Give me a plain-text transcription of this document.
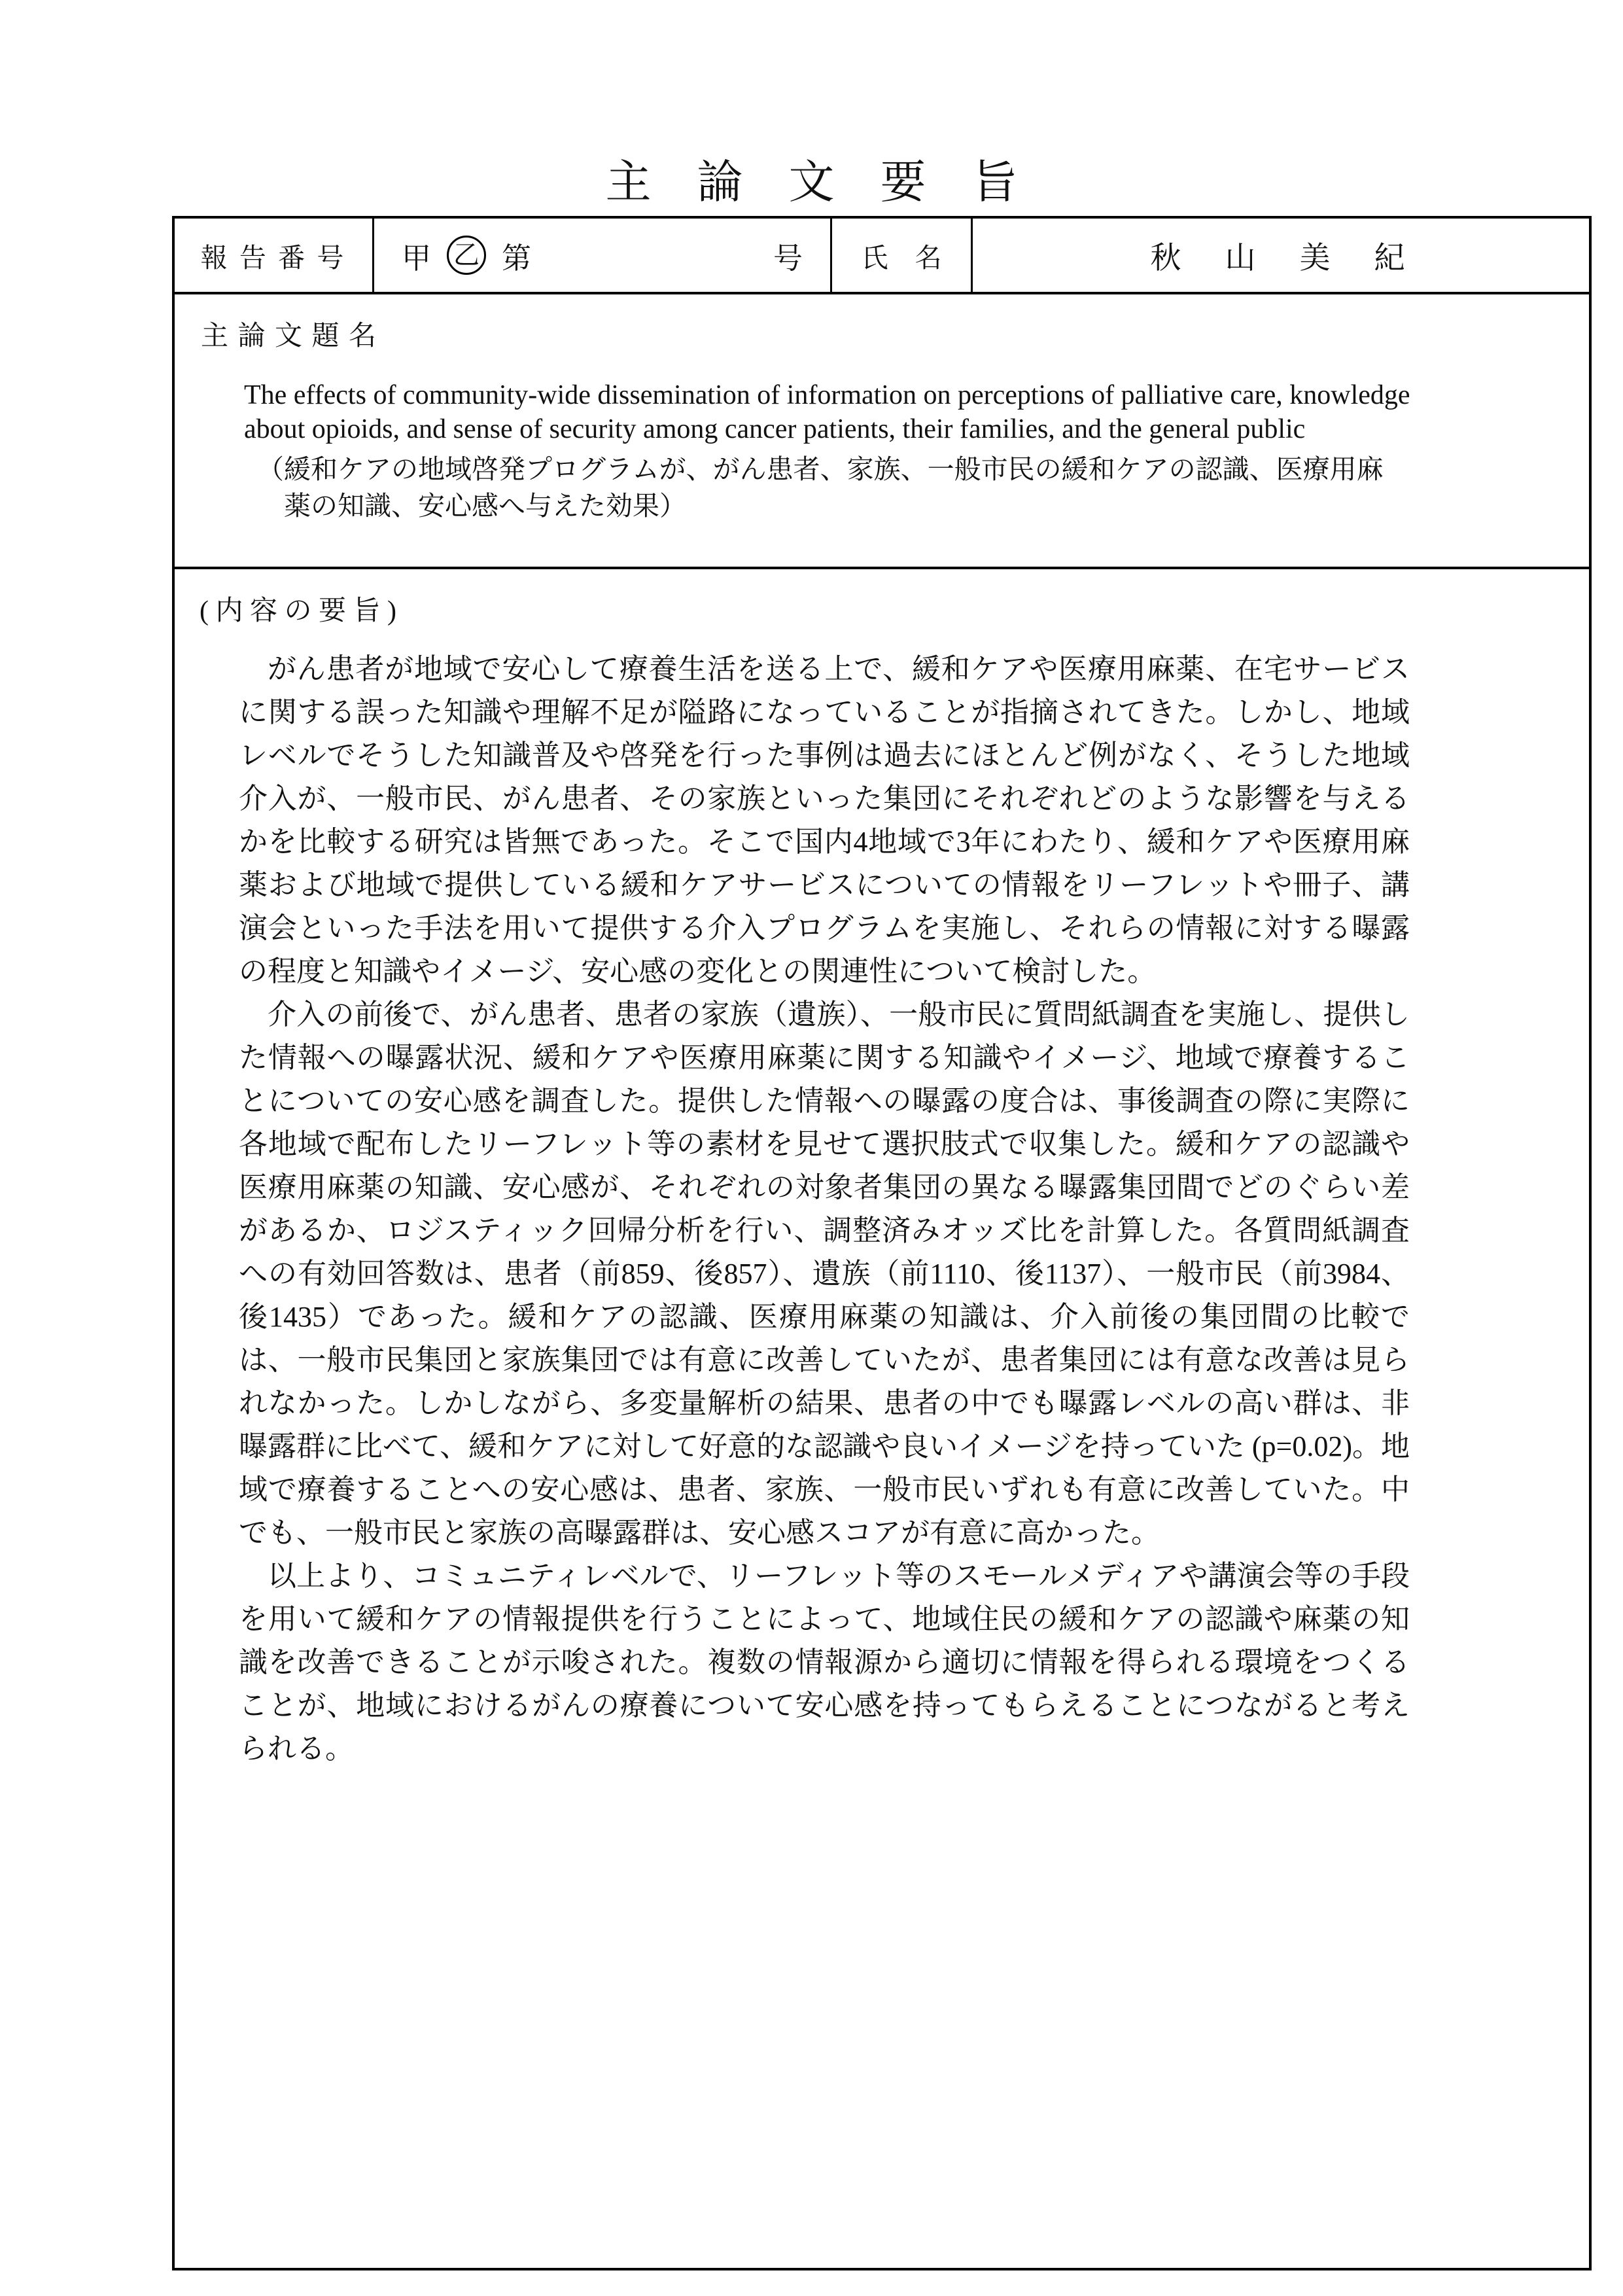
主論文要旨
報 告 番 号	甲 乙 第	号	氏　名	秋　山　美　紀
主 論 文 題 名
The effects of community-wide dissemination of information on perceptions of palliative care, knowledge about opioids, and sense of security among cancer patients, their families, and the general public
（緩和ケアの地域啓発プログラムが、がん患者、家族、一般市民の緩和ケアの認識、医療用麻薬の知識、安心感へ与えた効果）
( 内 容 の 要 旨 )

がん患者が地域で安心して療養生活を送る上で、緩和ケアや医療用麻薬、在宅サービスに関する誤った知識や理解不足が隘路になっていることが指摘されてきた。しかし、地域レベルでそうした知識普及や啓発を行った事例は過去にほとんど例がなく、そうした地域介入が、一般市民、がん患者、その家族といった集団にそれぞれどのような影響を与えるかを比較する研究は皆無であった。そこで国内4地域で3年にわたり、緩和ケアや医療用麻薬および地域で提供している緩和ケアサービスについての情報をリーフレットや冊子、講演会といった手法を用いて提供する介入プログラムを実施し、それらの情報に対する曝露の程度と知識やイメージ、安心感の変化との関連性について検討した。

介入の前後で、がん患者、患者の家族（遺族）、一般市民に質問紙調査を実施し、提供した情報への曝露状況、緩和ケアや医療用麻薬に関する知識やイメージ、地域で療養することについての安心感を調査した。提供した情報への曝露の度合は、事後調査の際に実際に各地域で配布したリーフレット等の素材を見せて選択肢式で収集した。緩和ケアの認識や医療用麻薬の知識、安心感が、それぞれの対象者集団の異なる曝露集団間でどのぐらい差があるか、ロジスティック回帰分析を行い、調整済みオッズ比を計算した。各質問紙調査への有効回答数は、患者（前859、後857）、遺族（前1110、後1137）、一般市民（前3984、後1435）であった。緩和ケアの認識、医療用麻薬の知識は、介入前後の集団間の比較では、一般市民集団と家族集団では有意に改善していたが、患者集団には有意な改善は見られなかった。しかしながら、多変量解析の結果、患者の中でも曝露レベルの高い群は、非曝露群に比べて、緩和ケアに対して好意的な認識や良いイメージを持っていた (p=0.02)。地域で療養することへの安心感は、患者、家族、一般市民いずれも有意に改善していた。中でも、一般市民と家族の高曝露群は、安心感スコアが有意に高かった。

以上より、コミュニティレベルで、リーフレット等のスモールメディアや講演会等の手段を用いて緩和ケアの情報提供を行うことによって、地域住民の緩和ケアの認識や麻薬の知識を改善できることが示唆された。複数の情報源から適切に情報を得られる環境をつくることが、地域におけるがんの療養について安心感を持ってもらえることにつながると考えられる。
